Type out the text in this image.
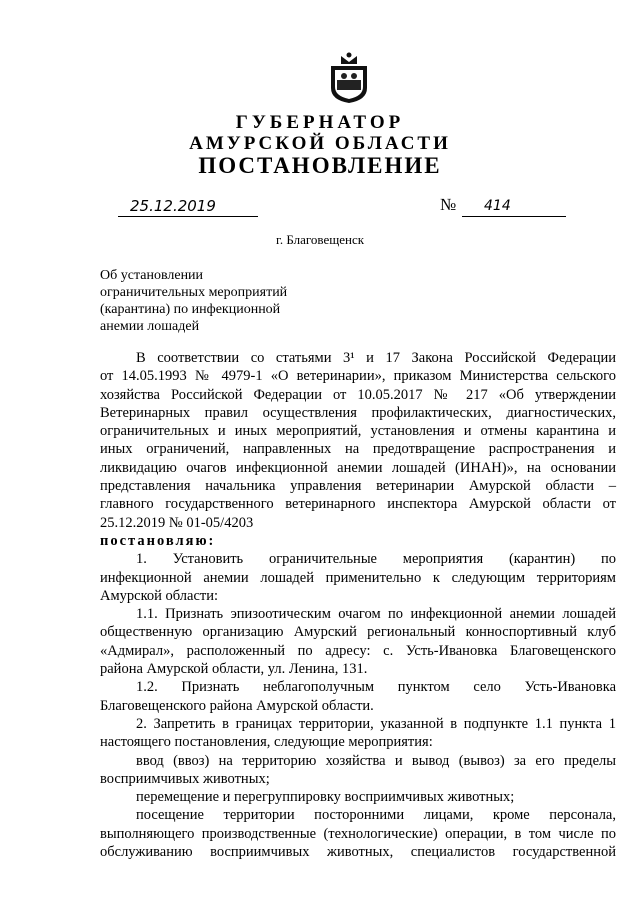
ГУБЕРНАТОР
АМУРСКОЙ ОБЛАСТИ
ПОСТАНОВЛЕНИЕ
25.12.2019	№	414
г. Благовещенск
Об установлении
ограничительных мероприятий
(карантина) по инфекционной
анемии лошадей
В соответствии со статьями 3¹ и 17 Закона Российской Федерации
от 14.05.1993 № 4979-1 «О ветеринарии», приказом Министерства сельского
хозяйства Российской Федерации от 10.05.2017 № 217 «Об утверждении
Ветеринарных правил осуществления профилактических, диагностических,
ограничительных и иных мероприятий, установления и отмены карантина и
иных ограничений, направленных на предотвращение распространения и
ликвидацию очагов инфекционной анемии лошадей (ИНАН)», на основании
представления начальника управления ветеринарии Амурской области –
главного государственного ветеринарного инспектора Амурской области от
25.12.2019 № 01-05/4203
постановляю:
1. Установить ограничительные мероприятия (карантин) по
инфекционной анемии лошадей применительно к следующим территориям
Амурской области:
1.1. Признать эпизоотическим очагом по инфекционной анемии лошадей
общественную организацию Амурский региональный конноспортивный клуб
«Адмирал», расположенный по адресу: с. Усть-Ивановка Благовещенского
района Амурской области, ул. Ленина, 131.
1.2. Признать неблагополучным пунктом село Усть-Ивановка
Благовещенского района Амурской области.
2. Запретить в границах территории, указанной в подпункте 1.1 пункта 1
настоящего постановления, следующие мероприятия:
ввод (ввоз) на территорию хозяйства и вывод (вывоз) за его пределы
восприимчивых животных;
перемещение и перегруппировку восприимчивых животных;
посещение территории посторонними лицами, кроме персонала,
выполняющего производственные (технологические) операции, в том числе по
обслуживанию восприимчивых животных, специалистов государственной
